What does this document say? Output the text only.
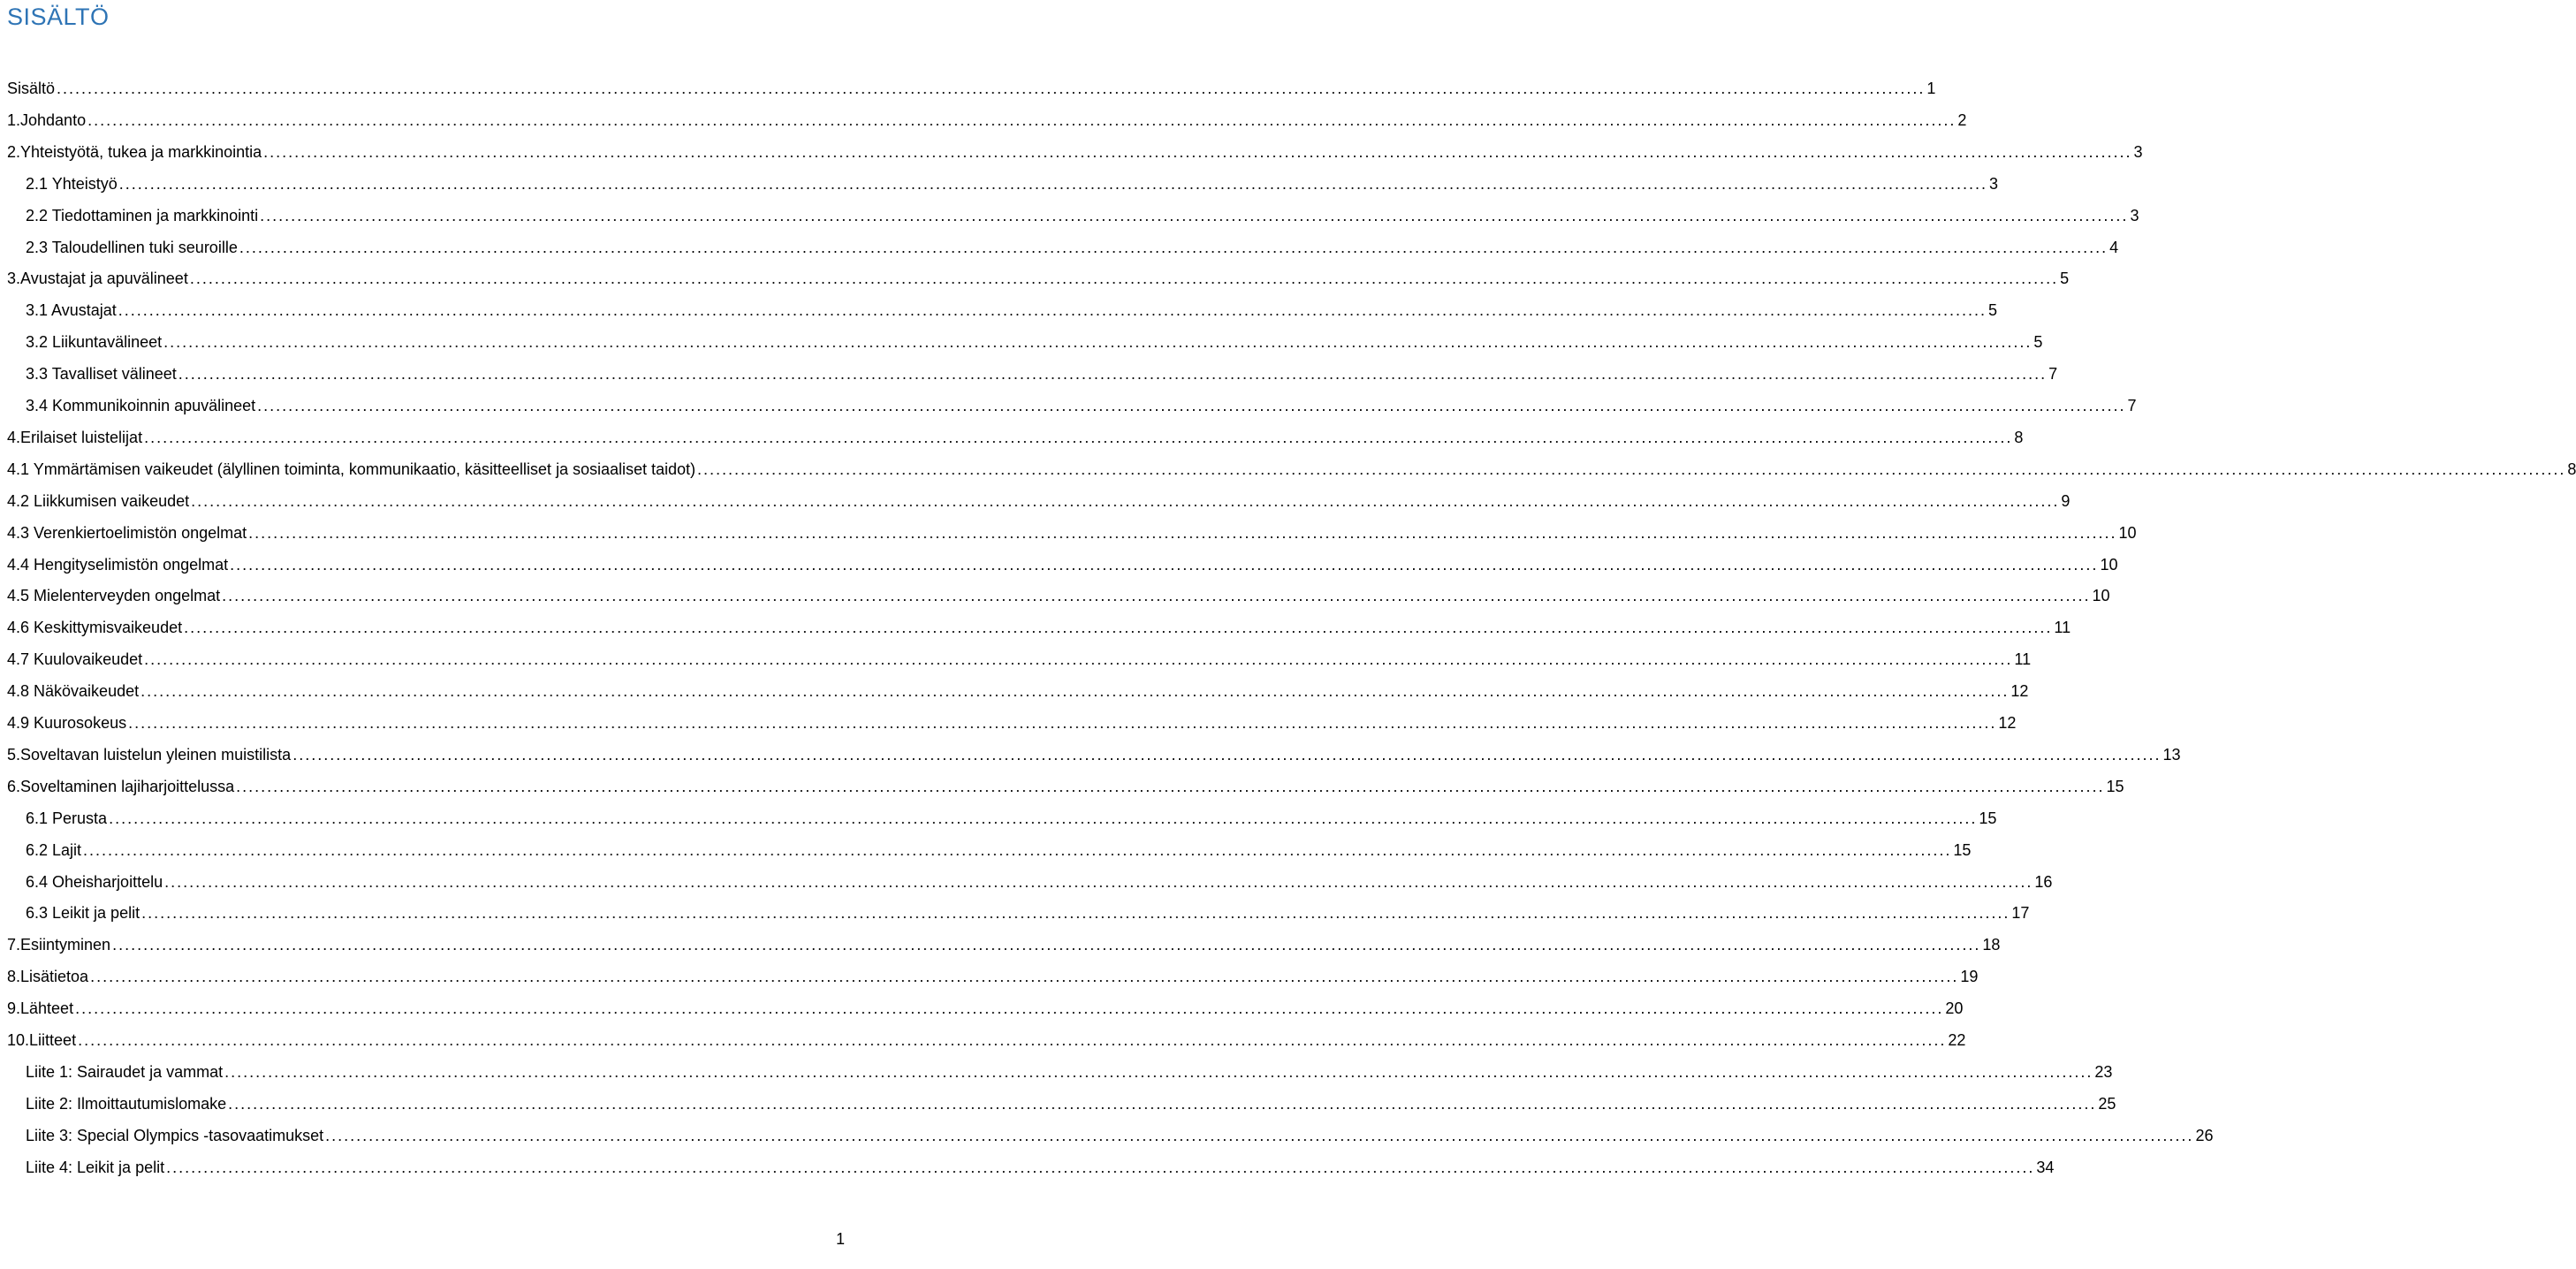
SISÄLTÖ
Sisältö .....	1
1. Johdanto .....	2
2. Yhteistyötä, tukea ja markkinointia .....	3
2.1 Yhteistyö .....	3
2.2 Tiedottaminen ja markkinointi .....	3
2.3 Taloudellinen tuki seuroille .....	4
3. Avustajat ja apuvälineet .....	5
3.1 Avustajat .....	5
3.2 Liikuntavälineet .....	5
3.3 Tavalliset välineet .....	7
3.4 Kommunikoinnin apuvälineet .....	7
4. Erilaiset luistelijat .....	8
4.1 Ymmärtämisen vaikeudet (älyllinen toiminta, kommunikaatio, käsitteelliset ja sosiaaliset taidot) .....	8
4.2 Liikkumisen vaikeudet .....	9
4.3 Verenkiertoelimistön ongelmat .....	10
4.4 Hengityselimistön ongelmat .....	10
4.5 Mielenterveyden ongelmat .....	10
4.6 Keskittymisvaikeudet .....	11
4.7 Kuulovaikeudet .....	11
4.8 Näkövaikeudet .....	12
4.9 Kuurosokeus .....	12
5. Soveltavan luistelun yleinen muistilista .....	13
6. Soveltaminen lajiharjoittelussa .....	15
6.1 Perusta .....	15
6.2 Lajit .....	15
6.4 Oheisharjoittelu .....	16
6.3 Leikit ja pelit .....	17
7. Esiintyminen .....	18
8. Lisätietoa .....	19
9. Lähteet .....	20
10. Liitteet .....	22
Liite 1: Sairaudet ja vammat .....	23
Liite 2: Ilmoittautumislomake .....	25
Liite 3: Special Olympics -tasovaatimukset .....	26
Liite 4: Leikit ja pelit .....	34
1
